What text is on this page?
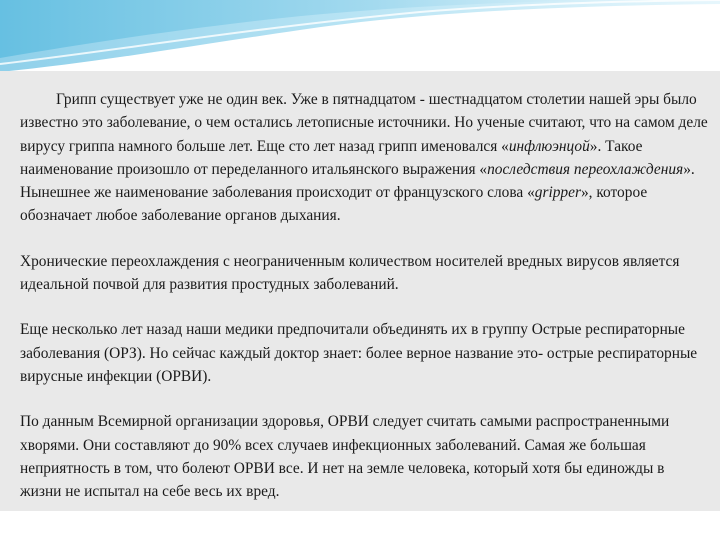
Грипп существует уже не один век. Уже в пятнадцатом - шестнадцатом столетии нашей эры было известно это заболевание, о чем остались летописные источники. Но ученые считают, что на самом деле вирусу гриппа намного больше лет. Еще сто лет назад грипп именовался «инфлюэнцой». Такое наименование произошло от переделанного итальянского выражения «последствия переохлаждения». Нынешнее же наименование заболевания происходит от французского слова «gripper», которое обозначает любое заболевание органов дыхания.

Хронические переохлаждения с неограниченным количеством носителей вредных вирусов является идеальной почвой для развития простудных заболеваний.

Еще несколько лет назад наши медики предпочитали объединять их в группу Острые респираторные заболевания (ОРЗ). Но сейчас каждый доктор знает: более верное название это- острые респираторные вирусные инфекции (ОРВИ).

По данным Всемирной организации здоровья, ОРВИ следует считать самыми распространенными хворями. Они составляют до 90% всех случаев инфекционных заболеваний. Самая же большая неприятность в том, что болеют ОРВИ все. И нет на земле человека, который хотя бы единожды в жизни не испытал на себе весь их вред.
